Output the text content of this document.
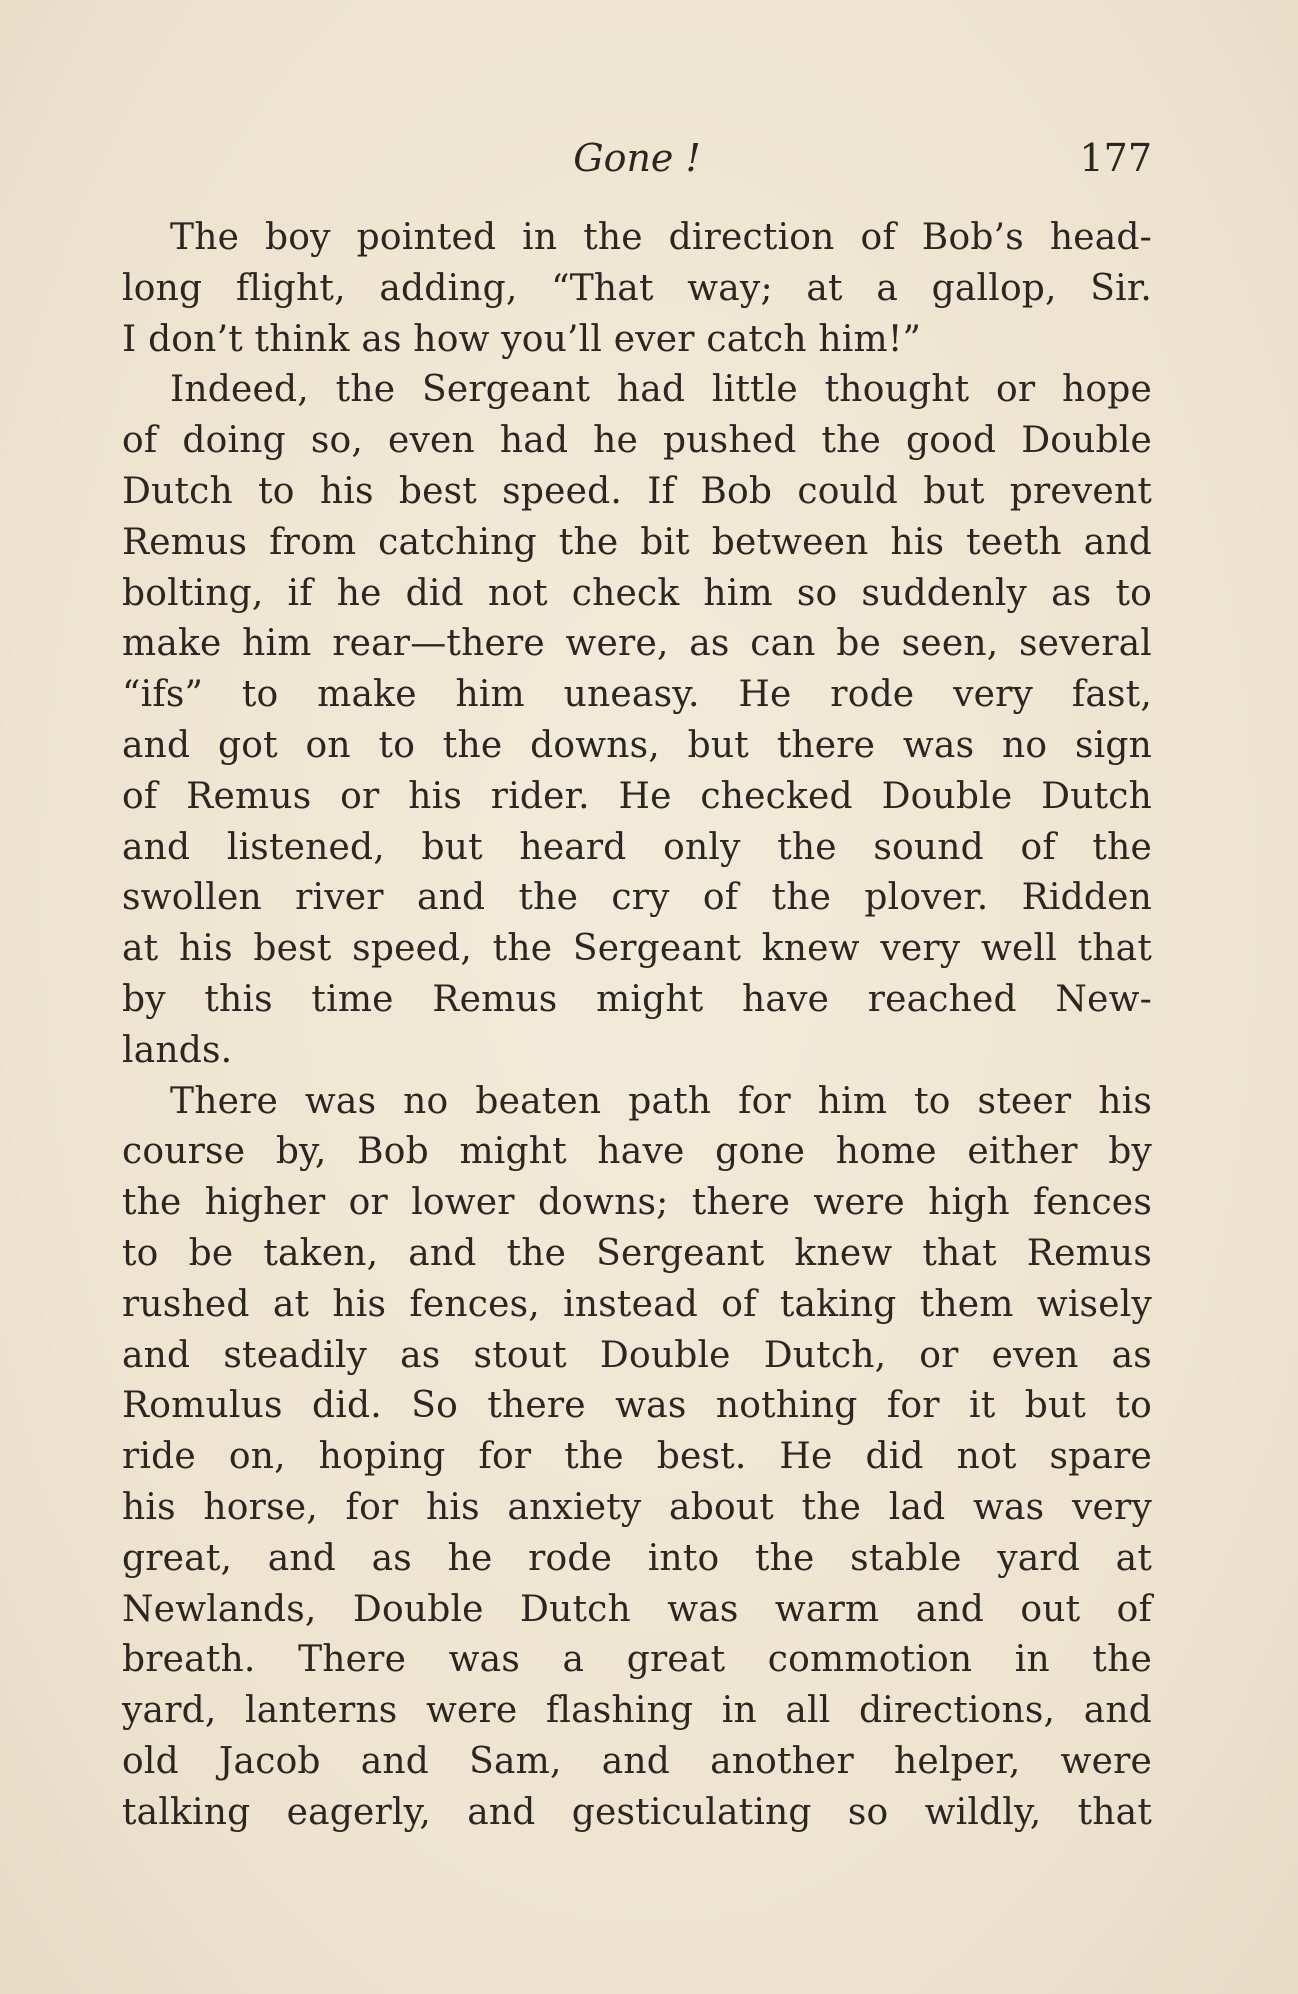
Gone !	177
The boy pointed in the direction of Bob’s head-
long flight, adding, “That way; at a gallop, Sir.
I don’t think as how you’ll ever catch him!”
Indeed, the Sergeant had little thought or hope
of doing so, even had he pushed the good Double
Dutch to his best speed. If Bob could but prevent
Remus from catching the bit between his teeth and
bolting, if he did not check him so suddenly as to
make him rear—there were, as can be seen, several
“ifs” to make him uneasy. He rode very fast,
and got on to the downs, but there was no sign
of Remus or his rider. He checked Double Dutch
and listened, but heard only the sound of the
swollen river and the cry of the plover. Ridden
at his best speed, the Sergeant knew very well that
by this time Remus might have reached New-
lands.
There was no beaten path for him to steer his
course by, Bob might have gone home either by
the higher or lower downs; there were high fences
to be taken, and the Sergeant knew that Remus
rushed at his fences, instead of taking them wisely
and steadily as stout Double Dutch, or even as
Romulus did. So there was nothing for it but to
ride on, hoping for the best. He did not spare
his horse, for his anxiety about the lad was very
great, and as he rode into the stable yard at
Newlands, Double Dutch was warm and out of
breath. There was a great commotion in the
yard, lanterns were flashing in all directions, and
old Jacob and Sam, and another helper, were
talking eagerly, and gesticulating so wildly, that
